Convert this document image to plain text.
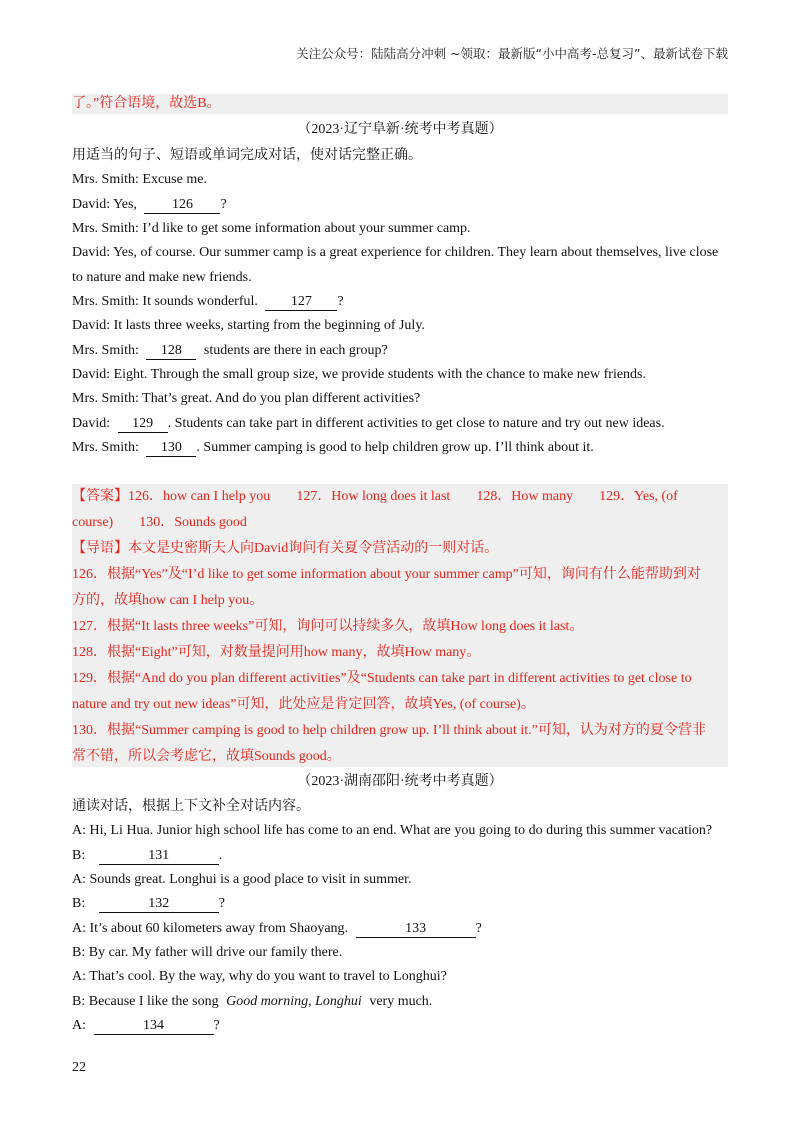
关注公众号：陆陆高分冲刺 ~领取：最新版“小中高考-总复习”、最新试卷下载
了。”符合语境，故选B。
（2023·辽宁阜新·统考中考真题）
用适当的句子、短语或单词完成对话，使对话完整正确。
Mrs. Smith: Excuse me.
David: Yes,	126 ?
Mrs. Smith: I’d like to get some information about your summer camp.
David: Yes, of course. Our summer camp is a great experience for children. They learn about themselves, live close
to nature and make new friends.
Mrs. Smith: It sounds wonderful. 127 ?
David: It lasts three weeks, starting from the beginning of July.
Mrs. Smith: 128 students are there in each group?
David: Eight. Through the small group size, we provide students with the chance to make new friends.
Mrs. Smith: That’s great. And do you plan different activities?
David: 129 . Students can take part in different activities to get close to nature and try out new ideas.
Mrs. Smith: 130 . Summer camping is good to help children grow up. I’ll think about it.
【答案】126．how can I help you 127．How long does it last 128．How many 129．Yes, (of
course) 130．Sounds good
【导语】本文是史密斯夫人向David询问有关夏令营活动的一则对话。
126．根据“Yes”及“I’d like to get some information about your summer camp”可知，询问有什么能帮助到对
方的，故填how can I help you。
127．根据“It lasts three weeks”可知，询问可以持续多久，故填How long does it last。
128．根据“Eight”可知，对数量提问用how many，故填How many。
129．根据“And do you plan different activities”及“Students can take part in different activities to get close to
nature and try out new ideas”可知，此处应是肯定回答，故填Yes, (of course)。
130．根据“Summer camping is good to help children grow up. I’ll think about it.”可知，认为对方的夏令营非
常不错，所以会考虑它，故填Sounds good。
（2023·湖南邵阳·统考中考真题）
通读对话，根据上下文补全对话内容。
A: Hi, Li Hua. Junior high school life has come to an end. What are you going to do during this summer vacation?
B:	131	.
A: Sounds great. Longhui is a good place to visit in summer.
B:	132	?
A: It’s about 60 kilometers away from Shaoyang.	133	?
B: By car. My father will drive our family there.
A: That’s cool. By the way, why do you want to travel to Longhui?
B: Because I like the song Good morning, Longhui very much.
A:	134	?
22
